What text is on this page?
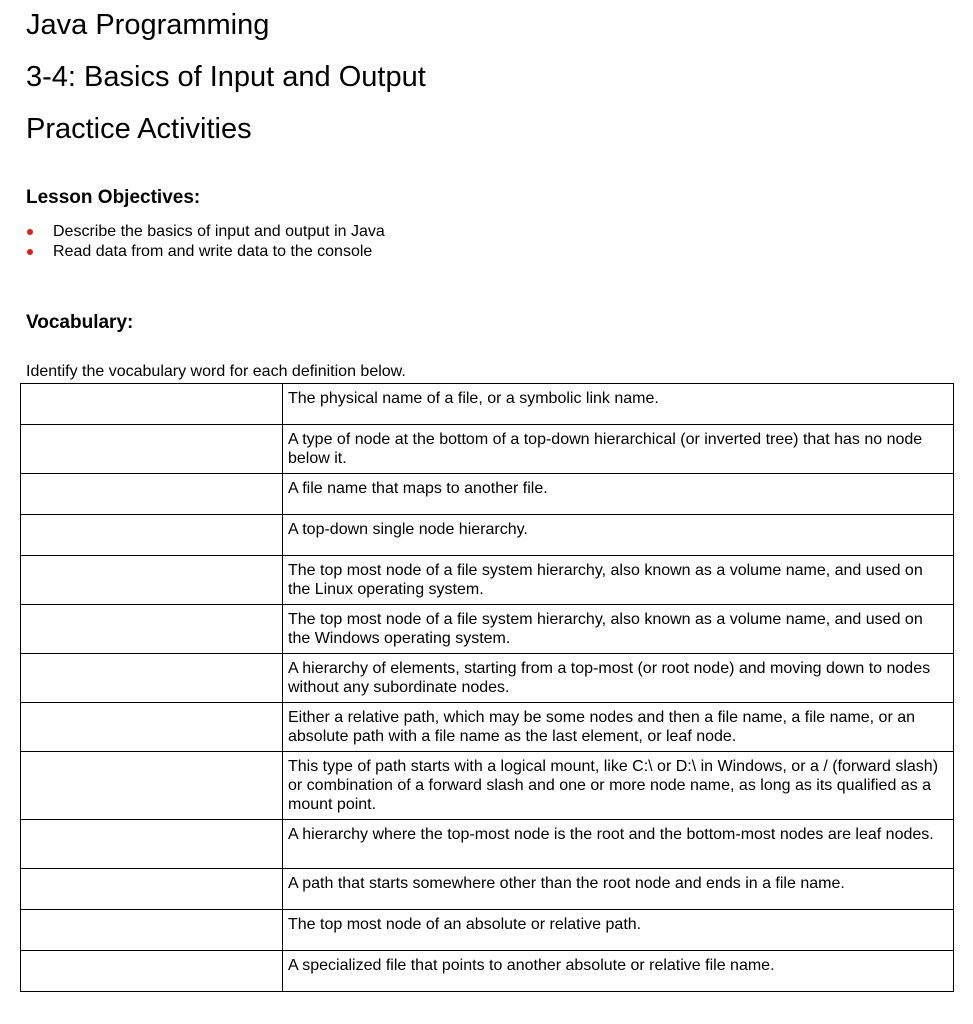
Java Programming
3-4: Basics of Input and Output
Practice Activities
Lesson Objectives:
Describe the basics of input and output in Java
Read data from and write data to the console
Vocabulary:

Identify the vocabulary word for each definition below.

	The physical name of a file, or a symbolic link name.
	A type of node at the bottom of a top-down hierarchical (or inverted tree) that has no node below it.
	A file name that maps to another file.
	A top-down single node hierarchy.
	The top most node of a file system hierarchy, also known as a volume name, and used on the Linux operating system.
	The top most node of a file system hierarchy, also known as a volume name, and used on the Windows operating system.
	A hierarchy of elements, starting from a top-most (or root node) and moving down to nodes without any subordinate nodes.
	Either a relative path, which may be some nodes and then a file name, a file name, or an absolute path with a file name as the last element, or leaf node.
	This type of path starts with a logical mount, like C:\ or D:\ in Windows, or a / (forward slash) or combination of a forward slash and one or more node name, as long as its qualified as a mount point.
	A hierarchy where the top-most node is the root and the bottom-most nodes are leaf nodes.
	A path that starts somewhere other than the root node and ends in a file name.
	The top most node of an absolute or relative path.
	A specialized file that points to another absolute or relative file name.
